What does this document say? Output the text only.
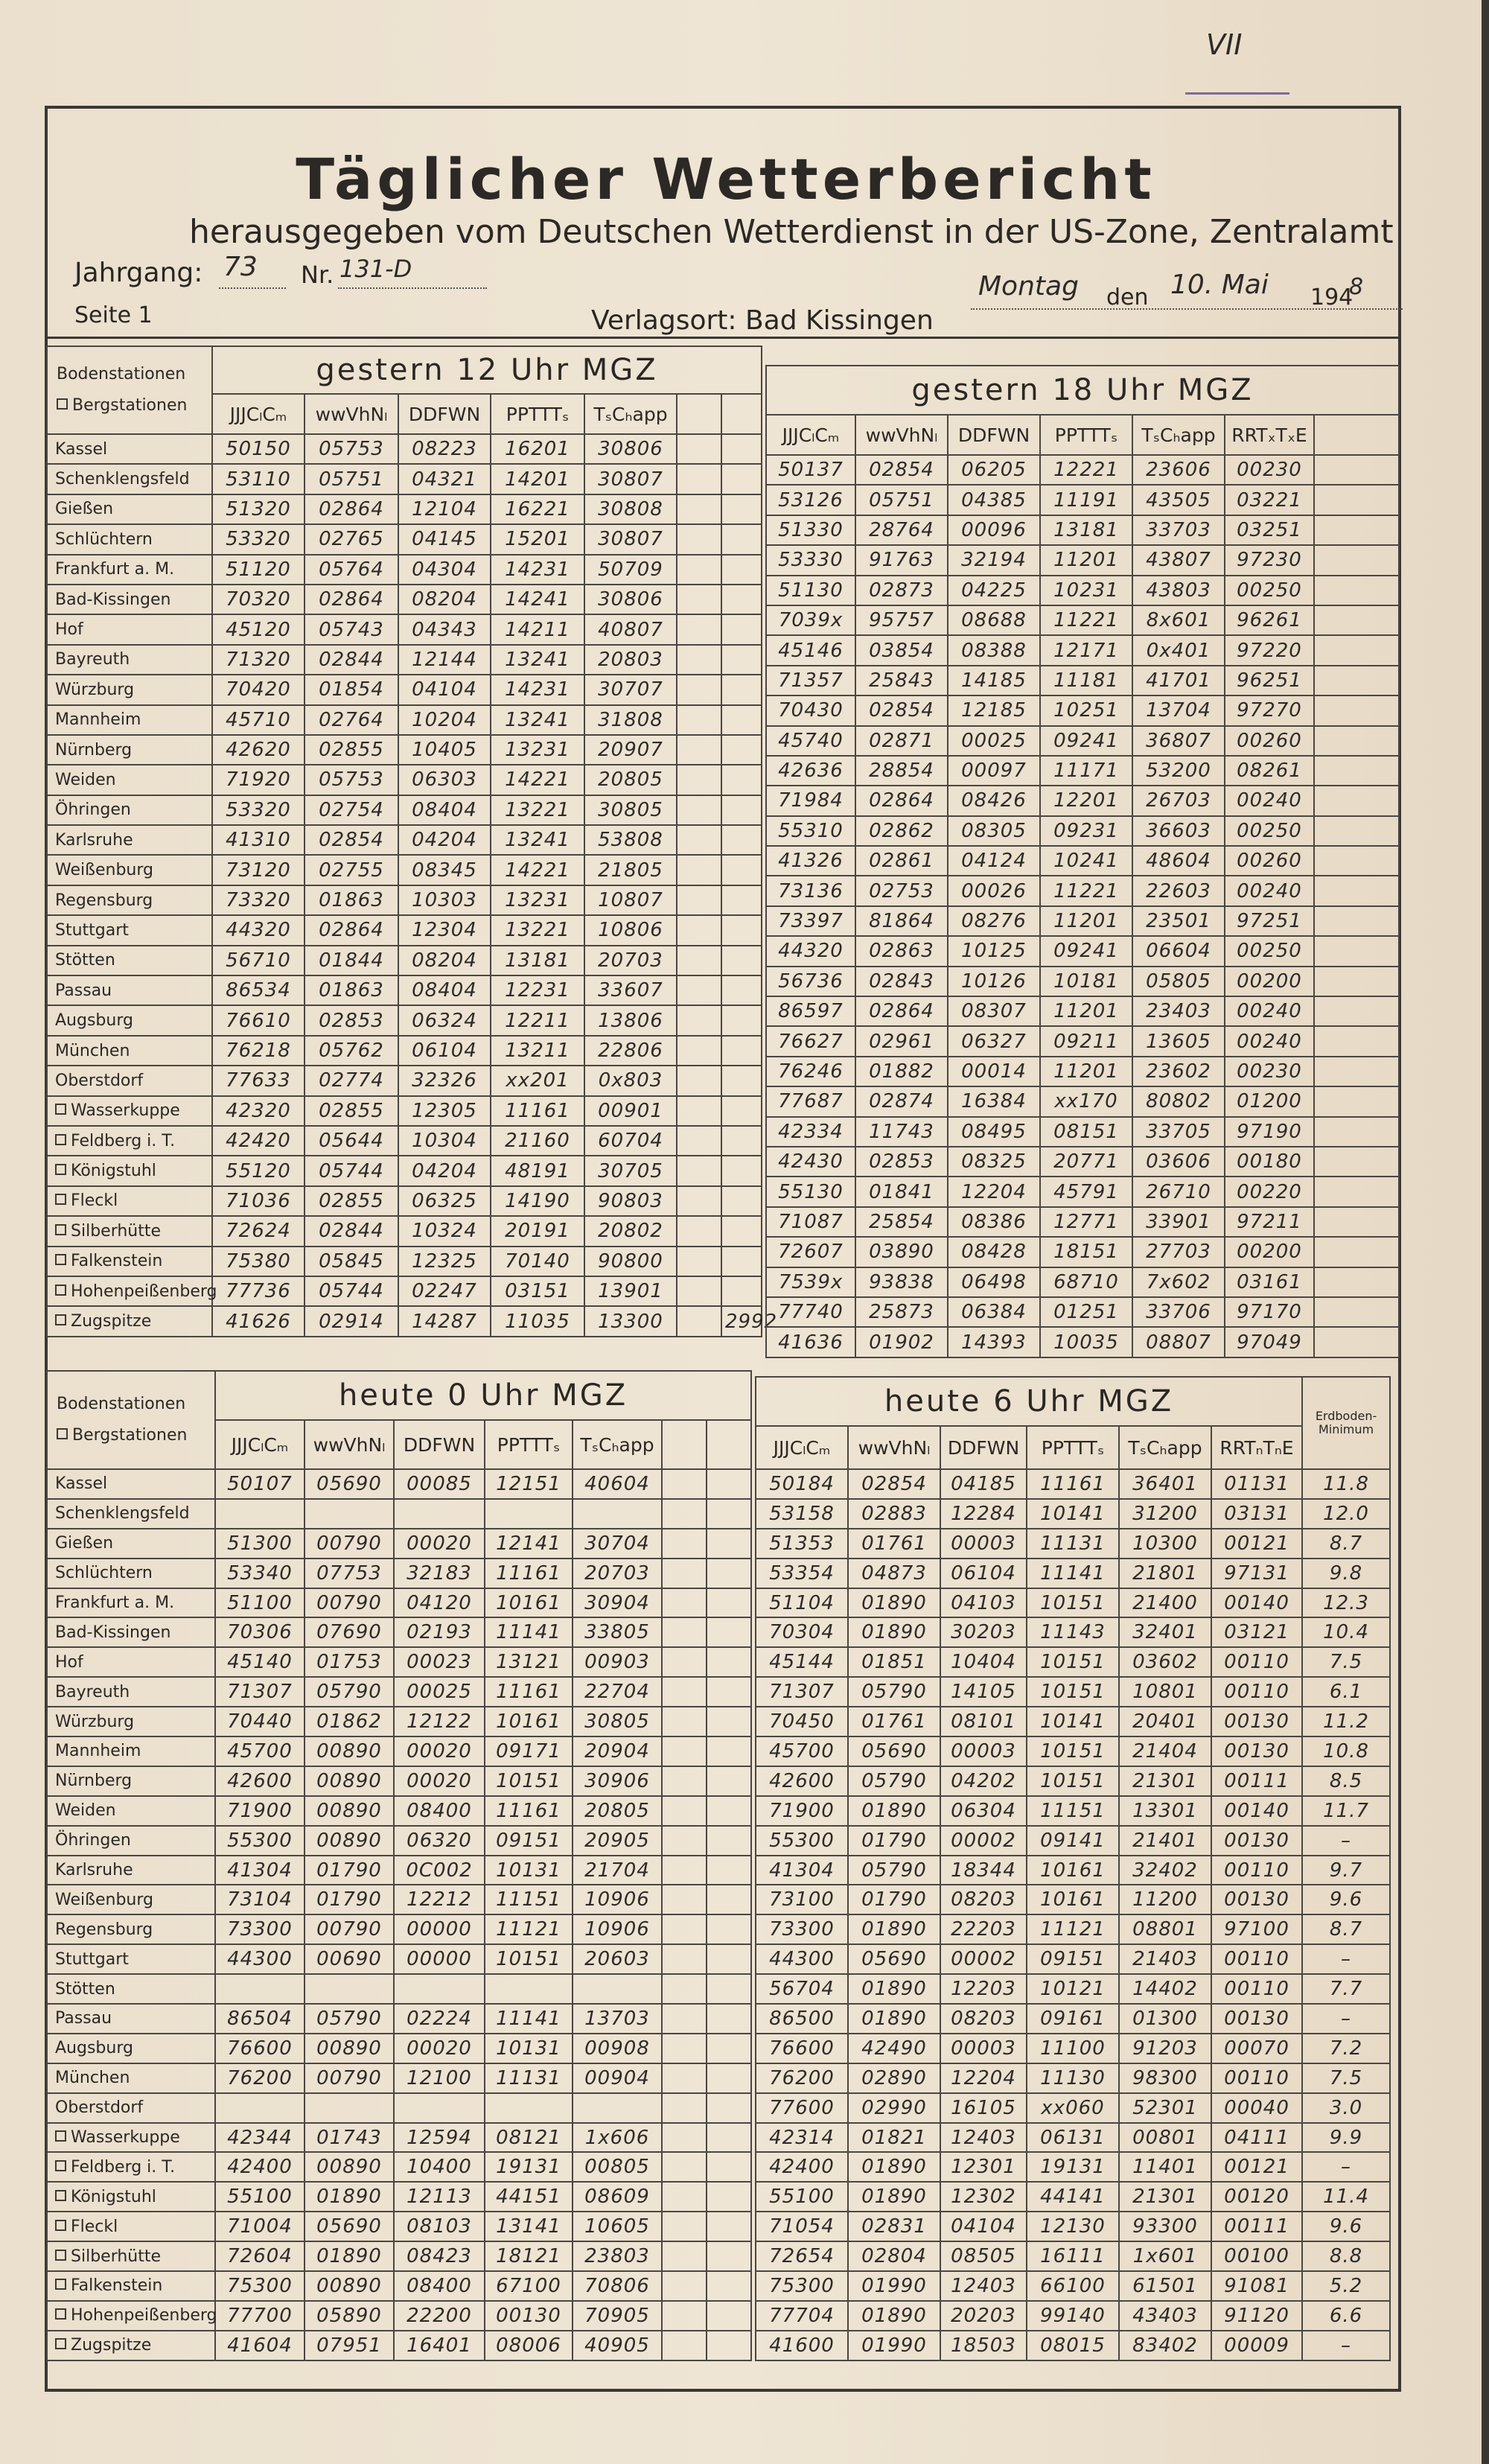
VII
Täglicher Wetterbericht
herausgegeben vom Deutschen Wetterdienst in der US-Zone, Zentralamt
Jahrgang: 73 Nr. 131-D
Montag den 10. Mai 194
8
Seite 1	Verlagsort: Bad Kissingen
Bodenstationen
Bergstationen	gestern 12 Uhr MGZ						
	JJJCₗCₘ	wwVhNₗ	DDFWN	PPTTTₛ	TₛCₕapp		
Kassel	50150	05753	08223	16201	30806		
Schenklengsfeld	53110	05751	04321	14201	30807		
Gießen	51320	02864	12104	16221	30808		
Schlüchtern	53320	02765	04145	15201	30807		
Frankfurt a. M.	51120	05764	04304	14231	50709		
Bad-Kissingen	70320	02864	08204	14241	30806		
Hof	45120	05743	04343	14211	40807		
Bayreuth	71320	02844	12144	13241	20803		
Würzburg	70420	01854	04104	14231	30707		
Mannheim	45710	02764	10204	13241	31808		
Nürnberg	42620	02855	10405	13231	20907		
Weiden	71920	05753	06303	14221	20805		
Öhringen	53320	02754	08404	13221	30805		
Karlsruhe	41310	02854	04204	13241	53808		
Weißenburg	73120	02755	08345	14221	21805		
Regensburg	73320	01863	10303	13231	10807		
Stuttgart	44320	02864	12304	13221	10806		
Stötten	56710	01844	08204	13181	20703		
Passau	86534	01863	08404	12231	33607		
Augsburg	76610	02853	06324	12211	13806		
München	76218	05762	06104	13211	22806		
Oberstdorf	77633	02774	32326	xx201	0x803		
Wasserkuppe	42320	02855	12305	11161	00901		
Feldberg i. T.	42420	05644	10304	21160	60704		
Königstuhl	55120	05744	04204	48191	30705		
Fleckl	71036	02855	06325	14190	90803		
Silberhütte	72624	02844	10324	20191	20802		
Falkenstein	75380	05845	12325	70140	90800		
Hohenpeißenberg	77736	05744	02247	03151	13901		
Zugspitze	41626	02914	14287	11035	13300		2992
gestern 18 Uhr MGZ						
JJJCₗCₘ	wwVhNₗ	DDFWN	PPTTTₛ	TₛCₕapp	RRTₓTₓE	
50137	02854	06205	12221	23606	00230	
53126	05751	04385	11191	43505	03221	
51330	28764	00096	13181	33703	03251	
53330	91763	32194	11201	43807	97230	
51130	02873	04225	10231	43803	00250	
7039x	95757	08688	11221	8x601	96261	
45146	03854	08388	12171	0x401	97220	
71357	25843	14185	11181	41701	96251	
70430	02854	12185	10251	13704	97270	
45740	02871	00025	09241	36807	00260	
42636	28854	00097	11171	53200	08261	
71984	02864	08426	12201	26703	00240	
55310	02862	08305	09231	36603	00250	
41326	02861	04124	10241	48604	00260	
73136	02753	00026	11221	22603	00240	
73397	81864	08276	11201	23501	97251	
44320	02863	10125	09241	06604	00250	
56736	02843	10126	10181	05805	00200	
86597	02864	08307	11201	23403	00240	
76627	02961	06327	09211	13605	00240	
76246	01882	00014	11201	23602	00230	
77687	02874	16384	xx170	80802	01200	
42334	11743	08495	08151	33705	97190	
42430	02853	08325	20771	03606	00180	
55130	01841	12204	45791	26710	00220	
71087	25854	08386	12771	33901	97211	
72607	03890	08428	18151	27703	00200	
7539x	93838	06498	68710	7x602	03161	
77740	25873	06384	01251	33706	97170	
41636	01902	14393	10035	08807	97049	
Bodenstationen
Bergstationen	heute 0 Uhr MGZ						
	JJJCₗCₘ	wwVhNₗ	DDFWN	PPTTTₛ	TₛCₕapp		
Kassel	50107	05690	00085	12151	40604		
Schenklengsfeld							
Gießen	51300	00790	00020	12141	30704		
Schlüchtern	53340	07753	32183	11161	20703		
Frankfurt a. M.	51100	00790	04120	10161	30904		
Bad-Kissingen	70306	07690	02193	11141	33805		
Hof	45140	01753	00023	13121	00903		
Bayreuth	71307	05790	00025	11161	22704		
Würzburg	70440	01862	12122	10161	30805		
Mannheim	45700	00890	00020	09171	20904		
Nürnberg	42600	00890	00020	10151	30906		
Weiden	71900	00890	08400	11161	20805		
Öhringen	55300	00890	06320	09151	20905		
Karlsruhe	41304	01790	0C002	10131	21704		
Weißenburg	73104	01790	12212	11151	10906		
Regensburg	73300	00790	00000	11121	10906		
Stuttgart	44300	00690	00000	10151	20603		
Stötten							
Passau	86504	05790	02224	11141	13703		
Augsburg	76600	00890	00020	10131	00908		
München	76200	00790	12100	11131	00904		
Oberstdorf							
Wasserkuppe	42344	01743	12594	08121	1x606		
Feldberg i. T.	42400	00890	10400	19131	00805		
Königstuhl	55100	01890	12113	44151	08609		
Fleckl	71004	05690	08103	13141	10605		
Silberhütte	72604	01890	08423	18121	23803		
Falkenstein	75300	00890	08400	67100	70806		
Hohenpeißenberg	77700	05890	22200	00130	70905		
Zugspitze	41604	07951	16401	08006	40905		
heute 6 Uhr MGZ						Erdboden-
Minimum

JJJCₗCₘ	wwVhNₗ	DDFWN	PPTTTₛ	TₛCₕapp	RRTₙTₙE	
50184	02854	04185	11161	36401	01131	11.8
53158	02883	12284	10141	31200	03131	12.0
51353	01761	00003	11131	10300	00121	8.7
53354	04873	06104	11141	21801	97131	9.8
51104	01890	04103	10151	21400	00140	12.3
70304	01890	30203	11143	32401	03121	10.4
45144	01851	10404	10151	03602	00110	7.5
71307	05790	14105	10151	10801	00110	6.1
70450	01761	08101	10141	20401	00130	11.2
45700	05690	00003	10151	21404	00130	10.8
42600	05790	04202	10151	21301	00111	8.5
71900	01890	06304	11151	13301	00140	11.7
55300	01790	00002	09141	21401	00130	–
41304	05790	18344	10161	32402	00110	9.7
73100	01790	08203	10161	11200	00130	9.6
73300	01890	22203	11121	08801	97100	8.7
44300	05690	00002	09151	21403	00110	–
56704	01890	12203	10121	14402	00110	7.7
86500	01890	08203	09161	01300	00130	–
76600	42490	00003	11100	91203	00070	7.2
76200	02890	12204	11130	98300	00110	7.5
77600	02990	16105	xx060	52301	00040	3.0
42314	01821	12403	06131	00801	04111	9.9
42400	01890	12301	19131	11401	00121	–
55100	01890	12302	44141	21301	00120	11.4
71054	02831	04104	12130	93300	00111	9.6
72654	02804	08505	16111	1x601	00100	8.8
75300	01990	12403	66100	61501	91081	5.2
77704	01890	20203	99140	43403	91120	6.6
41600	01990	18503	08015	83402	00009	–
